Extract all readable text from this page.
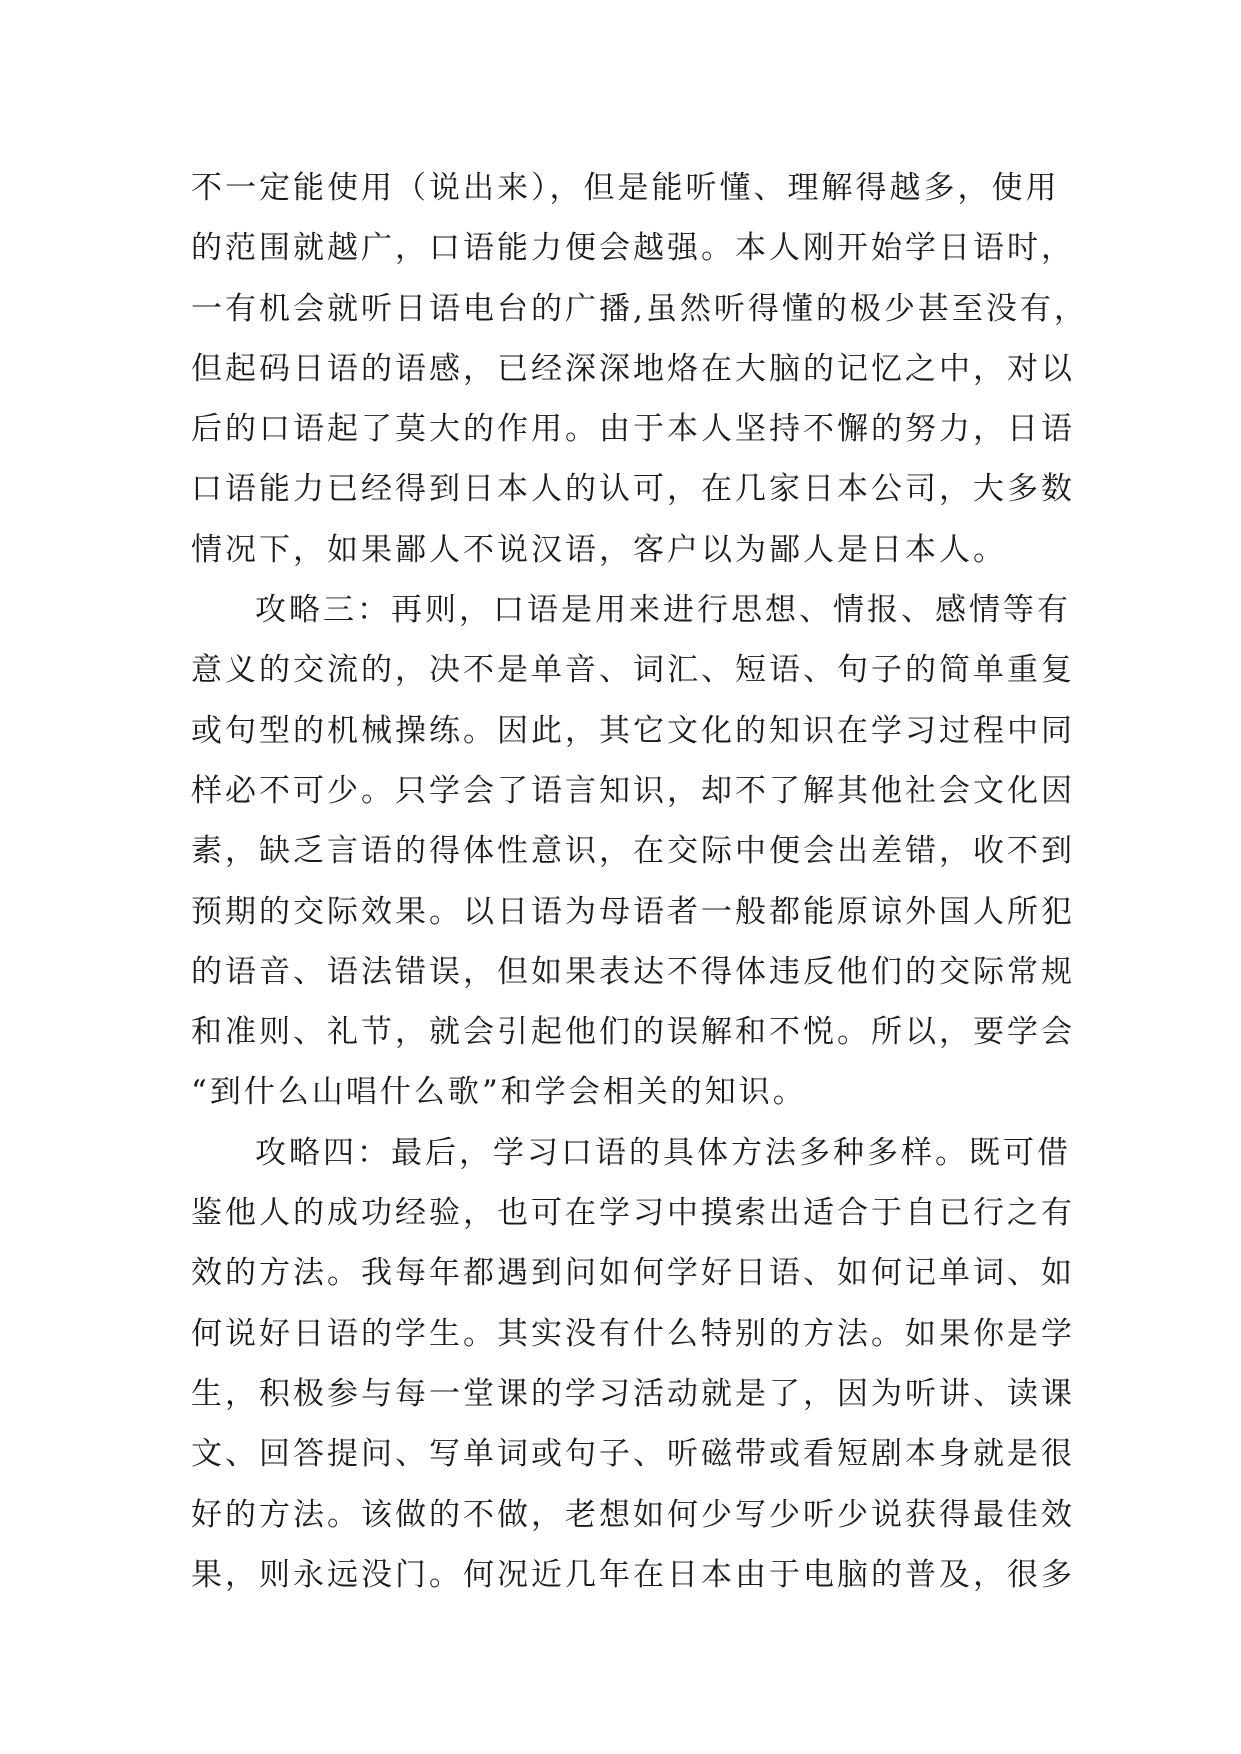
不一定能使用（说出来），但是能听懂、理解得越多，使用
的范围就越广，口语能力便会越强。本人刚开始学日语时，
一有机会就听日语电台的广播,虽然听得懂的极少甚至没有，
但起码日语的语感，已经深深地烙在大脑的记忆之中，对以
后的口语起了莫大的作用。由于本人坚持不懈的努力，日语
口语能力已经得到日本人的认可，在几家日本公司，大多数
情况下，如果鄙人不说汉语，客户以为鄙人是日本人。
攻略三：再则，口语是用来进行思想、情报、感情等有
意义的交流的，决不是单音、词汇、短语、句子的简单重复
或句型的机械操练。因此，其它文化的知识在学习过程中同
样必不可少。只学会了语言知识，却不了解其他社会文化因
素，缺乏言语的得体性意识，在交际中便会出差错，收不到
预期的交际效果。以日语为母语者一般都能原谅外国人所犯
的语音、语法错误，但如果表达不得体违反他们的交际常规
和准则、礼节，就会引起他们的误解和不悦。所以，要学会
“到什么山唱什么歌”和学会相关的知识。
攻略四：最后，学习口语的具体方法多种多样。既可借
鉴他人的成功经验，也可在学习中摸索出适合于自已行之有
效的方法。我每年都遇到问如何学好日语、如何记单词、如
何说好日语的学生。其实没有什么特别的方法。如果你是学
生，积极参与每一堂课的学习活动就是了，因为听讲、读课
文、回答提问、写单词或句子、听磁带或看短剧本身就是很
好的方法。该做的不做，老想如何少写少听少说获得最佳效
果，则永远没门。何况近几年在日本由于电脑的普及，很多
